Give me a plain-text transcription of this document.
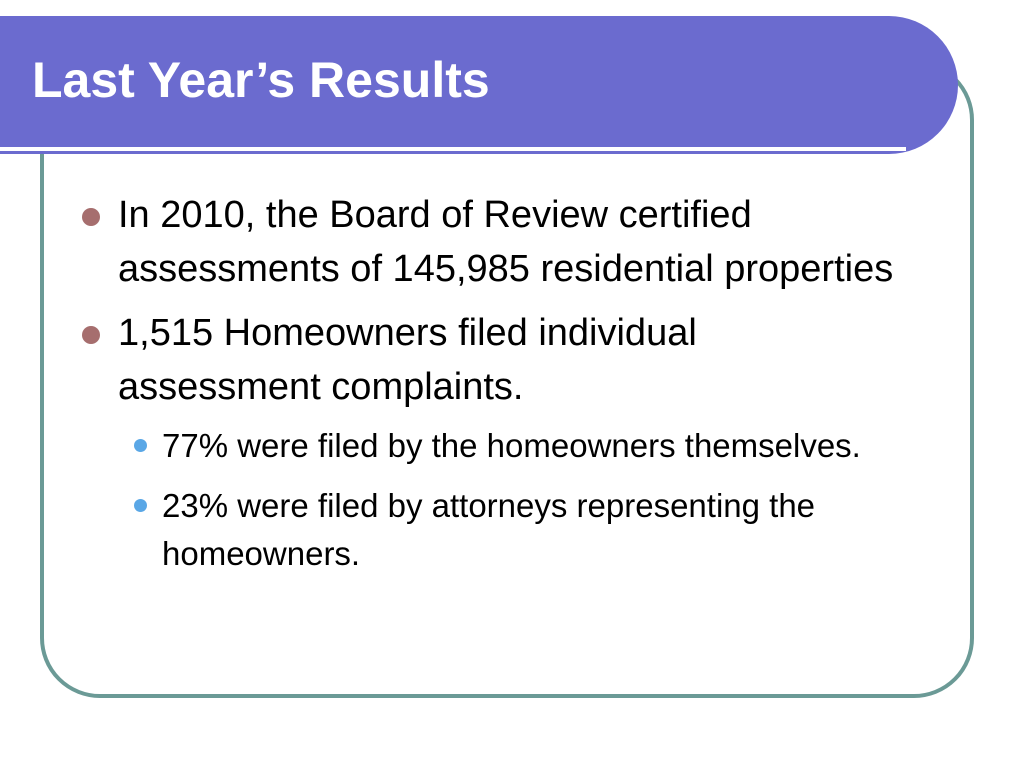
Last Year’s Results
In 2010, the Board of Review certified assessments of 145,985 residential properties
1,515 Homeowners filed individual assessment complaints.
77% were filed by the homeowners themselves.
23% were filed by attorneys representing the homeowners.
